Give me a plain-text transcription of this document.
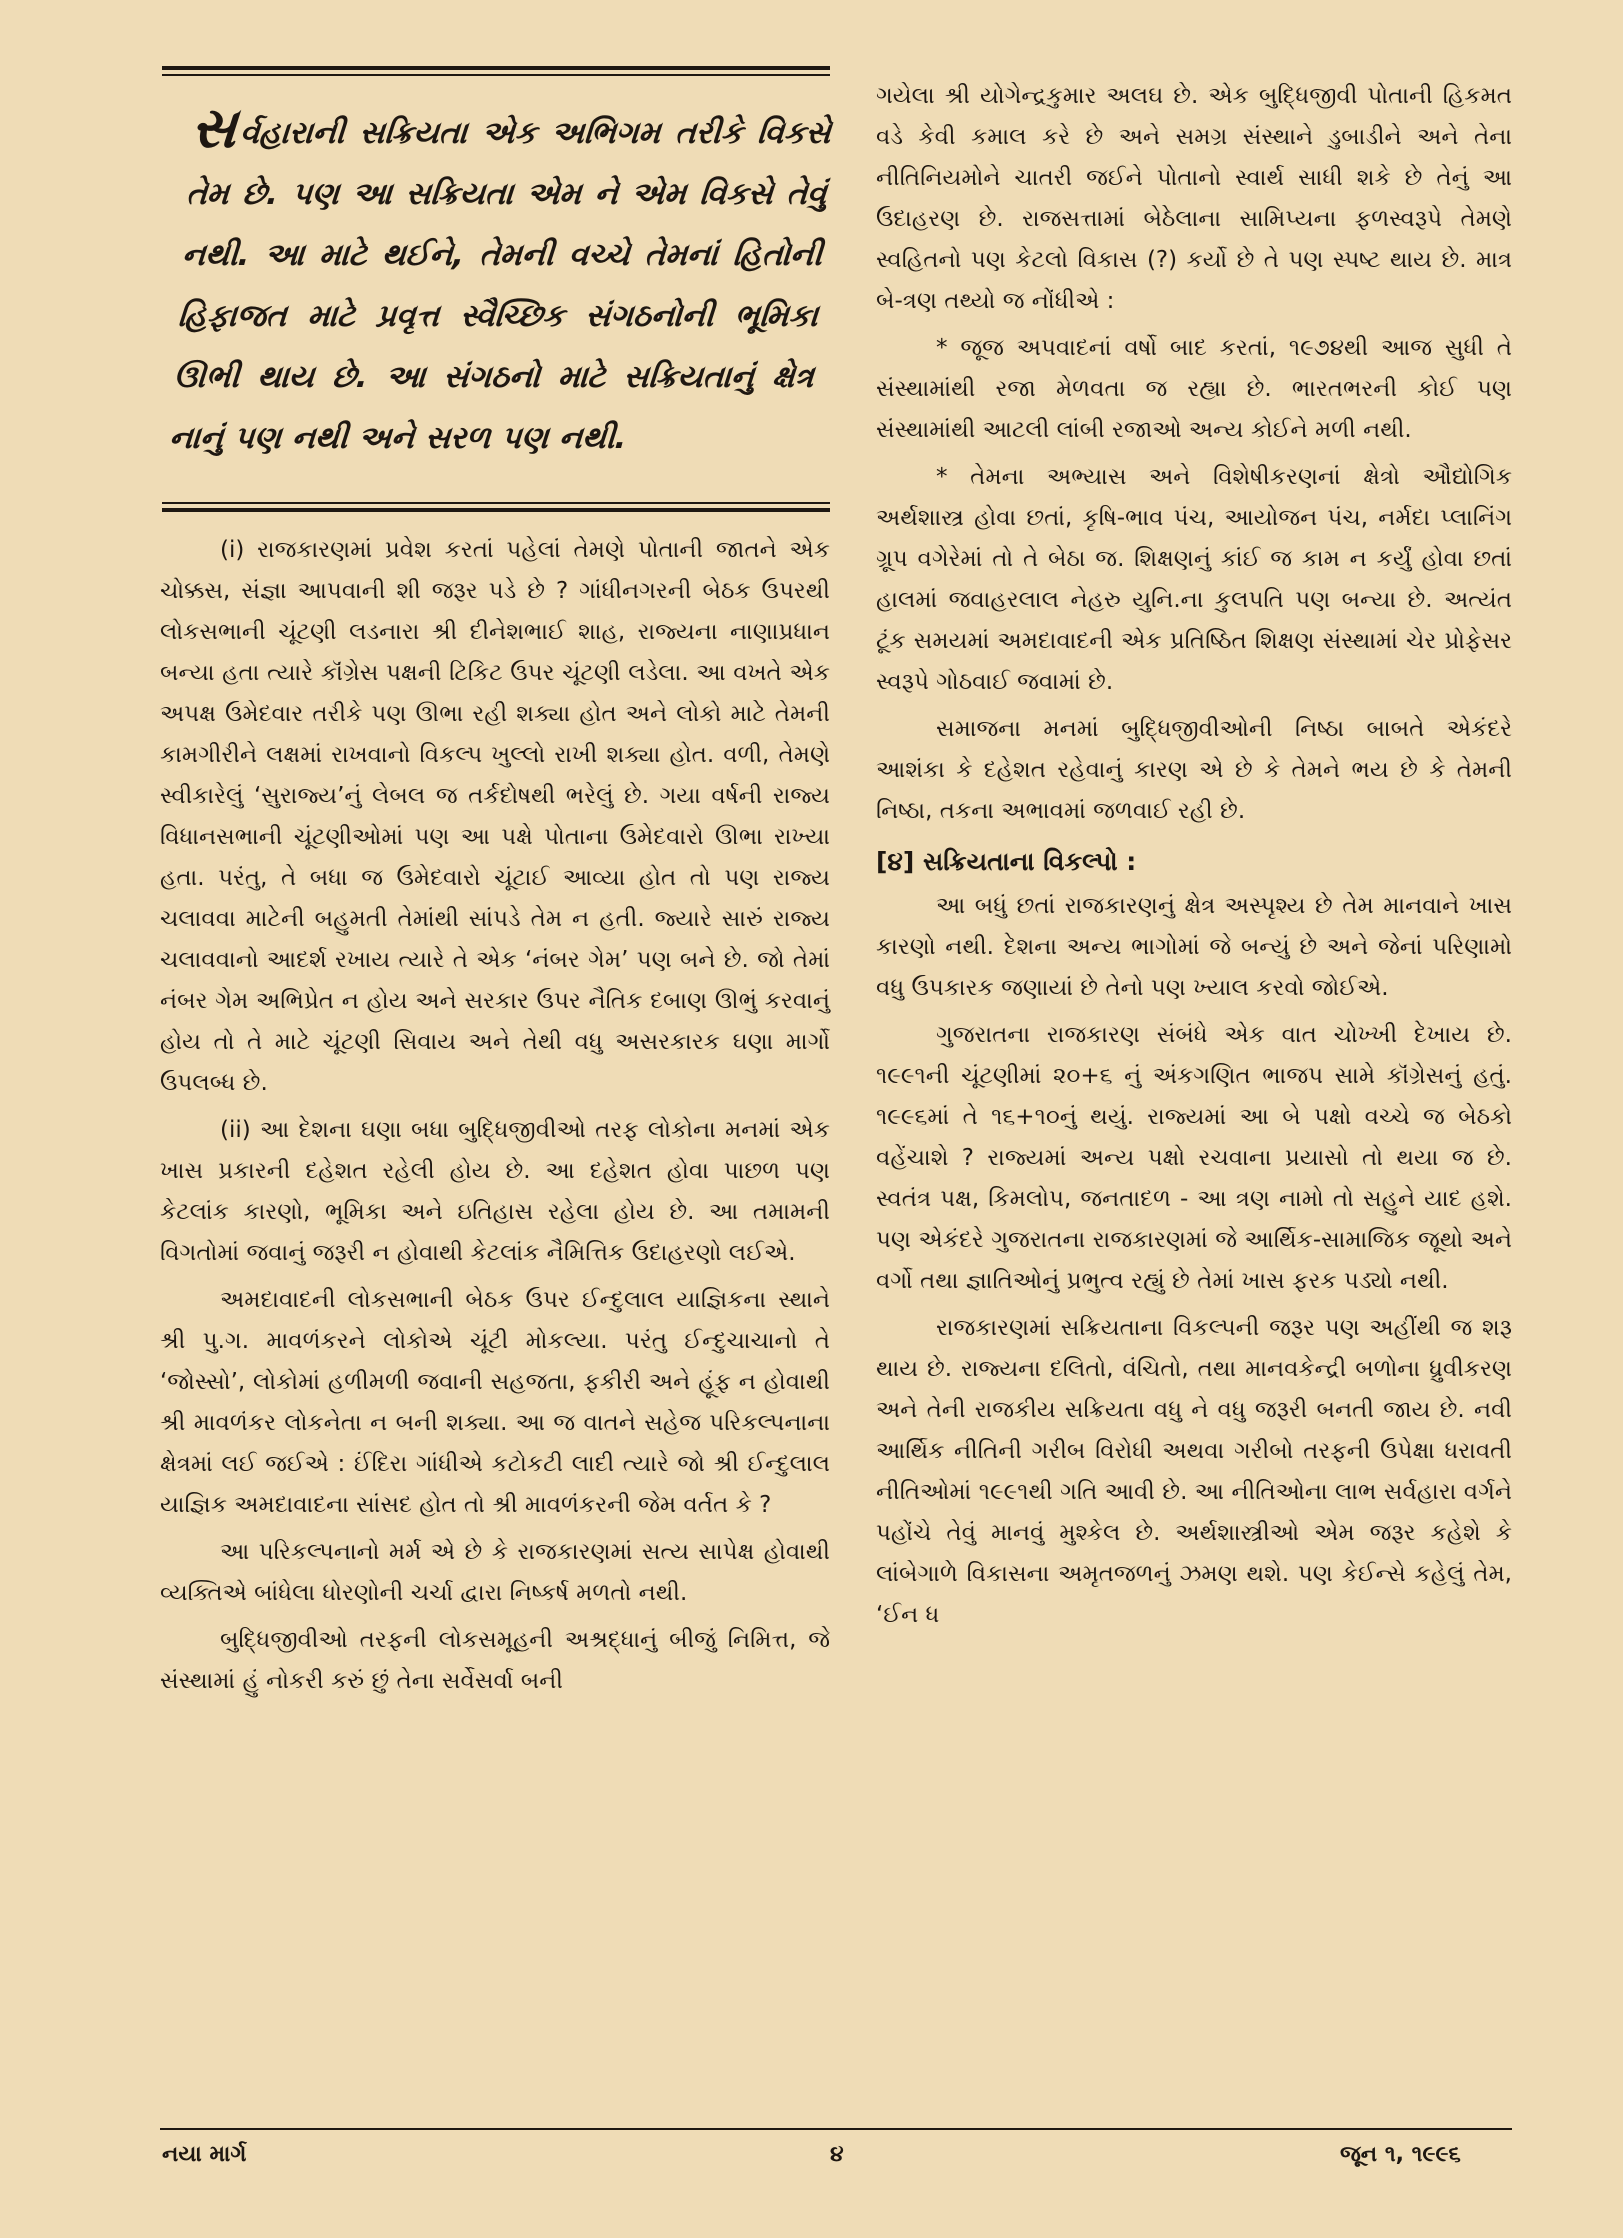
સર્વહારાની સક્રિયતા એક અભિગમ તરીકે વિકસે તેમ છે. પણ આ સક્રિયતા એમ ને એમ વિકસે તેવું નથી. આ માટે થઈને, તેમની વચ્ચે તેમનાં હિતોની હિફાજત માટે પ્રવૃત્ત સ્વૈચ્છિક સંગઠનોની ભૂમિકા ઊભી થાય છે. આ સંગઠનો માટે સક્રિયતાનું ક્ષેત્ર નાનું પણ નથી અને સરળ પણ નથી.

(i) રાજકારણમાં પ્રવેશ કરતાં પહેલાં તેમણે પોતાની જાતને એક ચોક્કસ, સંજ્ઞા આપવાની શી જરૂર પડે છે ? ગાંધીનગરની બેઠક ઉપરથી લોકસભાની ચૂંટણી લડનારા શ્રી દીનેશભાઈ શાહ, રાજ્યના નાણાપ્રધાન બન્યા હતા ત્યારે કૉંગ્રેસ પક્ષની ટિકિટ ઉપર ચૂંટણી લડેલા. આ વખતે એક અપક્ષ ઉમેદવાર તરીકે પણ ઊભા રહી શક્યા હોત અને લોકો માટે તેમની કામગીરીને લક્ષમાં રાખવાનો વિકલ્પ ખુલ્લો રાખી શક્યા હોત. વળી, તેમણે સ્વીકારેલું ‘સુરાજ્ય’નું લેબલ જ તર્કદોષથી ભરેલું છે. ગયા વર્ષની રાજ્ય વિધાનસભાની ચૂંટણીઓમાં પણ આ પક્ષે પોતાના ઉમેદવારો ઊભા રાખ્યા હતા. પરંતુ, તે બધા જ ઉમેદવારો ચૂંટાઈ આવ્યા હોત તો પણ રાજ્ય ચલાવવા માટેની બહુમતી તેમાંથી સાંપડે તેમ ન હતી. જ્યારે સારું રાજ્ય ચલાવવાનો આદર્શ રખાય ત્યારે તે એક ‘નંબર ગેમ’ પણ બને છે. જો તેમાં નંબર ગેમ અભિપ્રેત ન હોય અને સરકાર ઉપર નૈતિક દબાણ ઊભું કરવાનું હોય તો તે માટે ચૂંટણી સિવાય અને તેથી વધુ અસરકારક ઘણા માર્ગો ઉપલબ્ધ છે.

(ii) આ દેશના ઘણા બધા બુદ્ધિજીવીઓ તરફ લોકોના મનમાં એક ખાસ પ્રકારની દહેશત રહેલી હોય છે. આ દહેશત હોવા પાછળ પણ કેટલાંક કારણો, ભૂમિકા અને ઇતિહાસ રહેલા હોય છે. આ તમામની વિગતોમાં જવાનું જરૂરી ન હોવાથી કેટલાંક નૈમિત્તિક ઉદાહરણો લઈએ.

અમદાવાદની લોકસભાની બેઠક ઉપર ઈન્દુલાલ યાજ્ઞિકના સ્થાને શ્રી પુ.ગ. માવળંકરને લોકોએ ચૂંટી મોકલ્યા. પરંતુ ઈન્દુચાચાનો તે ‘જોસ્સો’, લોકોમાં હળીમળી જવાની સહજતા, ફકીરી અને હૂંફ ન હોવાથી શ્રી માવળંકર લોકનેતા ન બની શક્યા. આ જ વાતને સહેજ પરિકલ્પનાના ક્ષેત્રમાં લઈ જઈએ : ઈંદિરા ગાંધીએ કટોકટી લાદી ત્યારે જો શ્રી ઈન્દુલાલ યાજ્ઞિક અમદાવાદના સાંસદ હોત તો શ્રી માવળંકરની જેમ વર્તત કે ?

આ પરિકલ્પનાનો મર્મ એ છે કે રાજકારણમાં સત્ય સાપેક્ષ હોવાથી વ્યક્તિએ બાંધેલા ધોરણોની ચર્ચા દ્વારા નિષ્કર્ષ મળતો નથી.

બુદ્ધિજીવીઓ તરફની લોકસમૂહની અશ્રદ્ધાનું બીજું નિમિત્ત, જે સંસ્થામાં હું નોકરી કરું છું તેના સર્વેસર્વા બની

ગયેલા શ્રી યોગેન્દ્રકુમાર અલઘ છે. એક બુદ્ધિજીવી પોતાની હિકમત વડે કેવી કમાલ કરે છે અને સમગ્ર સંસ્થાને ડુબાડીને અને તેના નીતિનિયમોને ચાતરી જઈને પોતાનો સ્વાર્થ સાધી શકે છે તેનું આ ઉદાહરણ છે. રાજસત્તામાં બેઠેલાના સામિપ્યના ફળસ્વરૂપે તેમણે સ્વહિતનો પણ કેટલો વિકાસ (?) કર્યો છે તે પણ સ્પષ્ટ થાય છે. માત્ર બે-ત્રણ તથ્યો જ નોંધીએ :

* જૂજ અપવાદનાં વર્ષો બાદ કરતાં, ૧૯૭૪થી આજ સુધી તે સંસ્થામાંથી રજા મેળવતા જ રહ્યા છે. ભારતભરની કોઈ પણ સંસ્થામાંથી આટલી લાંબી રજાઓ અન્ય કોઈને મળી નથી.

* તેમના અભ્યાસ અને વિશેષીકરણનાં ક્ષેત્રો ઔદ્યોગિક અર્થશાસ્ત્ર હોવા છતાં, કૃષિ-ભાવ પંચ, આયોજન પંચ, નર્મદા પ્લાનિંગ ગ્રૂપ વગેરેમાં તો તે બેઠા જ. શિક્ષણનું કાંઈ જ કામ ન કર્યું હોવા છતાં હાલમાં જવાહરલાલ નેહરુ યુનિ.ના કુલપતિ પણ બન્યા છે. અત્યંત ટૂંક સમયમાં અમદાવાદની એક પ્રતિષ્ઠિત શિક્ષણ સંસ્થામાં ચેર પ્રોફેસર સ્વરૂપે ગોઠવાઈ જવામાં છે.

સમાજના મનમાં બુદ્ધિજીવીઓની નિષ્ઠા બાબતે એકંદરે આશંકા કે દહેશત રહેવાનું કારણ એ છે કે તેમને ભય છે કે તેમની નિષ્ઠા, તકના અભાવમાં જળવાઈ રહી છે.

[૪] સક્રિયતાના વિકલ્પો :

આ બધું છતાં રાજકારણનું ક્ષેત્ર અસ્પૃશ્ય છે તેમ માનવાને ખાસ કારણો નથી. દેશના અન્ય ભાગોમાં જે બન્યું છે અને જેનાં પરિણામો વધુ ઉપકારક જણાયાં છે તેનો પણ ખ્યાલ કરવો જોઈએ.

ગુજરાતના રાજકારણ સંબંધે એક વાત ચોખ્ખી દેખાય છે. ૧૯૯૧ની ચૂંટણીમાં ૨૦+૬ નું અંકગણિત ભાજપ સામે કૉંગ્રેસનું હતું. ૧૯૯૬માં તે ૧૬+૧૦નું થયું. રાજ્યમાં આ બે પક્ષો વચ્ચે જ બેઠકો વહેંચાશે ? રાજ્યમાં અન્ય પક્ષો રચવાના પ્રયાસો તો થયા જ છે. સ્વતંત્ર પક્ષ, કિમલોપ, જનતાદળ - આ ત્રણ નામો તો સહુને યાદ હશે. પણ એકંદરે ગુજરાતના રાજકારણમાં જે આર્થિક-સામાજિક જૂથો અને વર્ગો તથા જ્ઞાતિઓનું પ્રભુત્વ રહ્યું છે તેમાં ખાસ ફરક પડ્યો નથી.

રાજકારણમાં સક્રિયતાના વિકલ્પની જરૂર પણ અહીંથી જ શરૂ થાય છે. રાજ્યના દલિતો, વંચિતો, તથા માનવકેન્દ્રી બળોના ધ્રુવીકરણ અને તેની રાજકીય સક્રિયતા વધુ ને વધુ જરૂરી બનતી જાય છે. નવી આર્થિક નીતિની ગરીબ વિરોધી અથવા ગરીબો તરફની ઉપેક્ષા ધરાવતી નીતિઓમાં ૧૯૯૧થી ગતિ આવી છે. આ નીતિઓના લાભ સર્વહારા વર્ગને પહોંચે તેવું માનવું મુશ્કેલ છે. અર્થશાસ્ત્રીઓ એમ જરૂર કહેશે કે લાંબેગાળે વિકાસના અમૃતજળનું ઝમણ થશે. પણ કેઈન્સે કહેલું તેમ, ‘ઈન ધ

નયા માર્ગ	૪	જૂન ૧, ૧૯૯૬
